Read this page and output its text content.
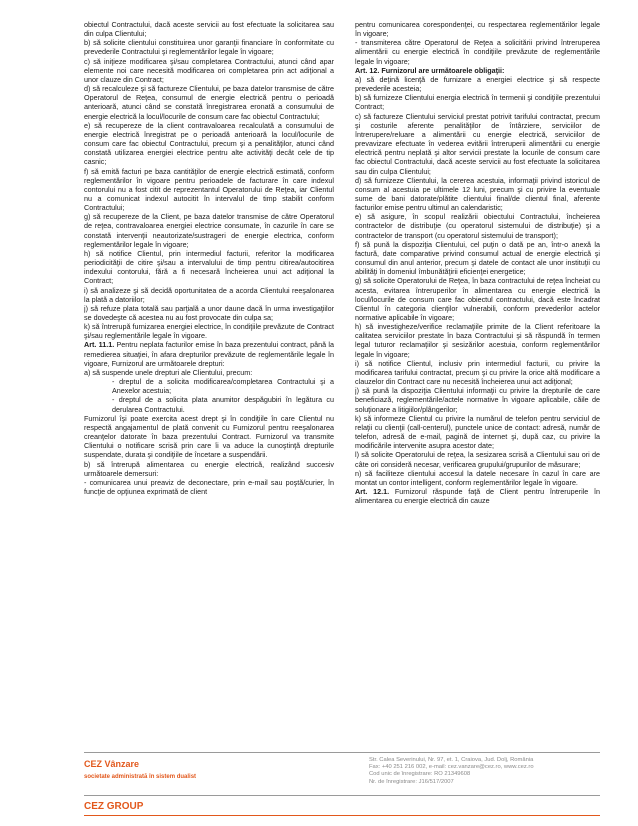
obiectul Contractului, dacă aceste servicii au fost efectuate la solicitarea sau din culpa Clientului;

b) să solicite clientului constituirea unor garanţii financiare în conformitate cu prevederile Contractului şi reglementărilor legale în vigoare;

c) să iniţieze modificarea şi/sau completarea Contractului, atunci când apar elemente noi care necesită modificarea ori completarea prin act adiţional a unor clauze din Contract;

d) să recalculeze şi să factureze Clientului, pe baza datelor transmise de către Operatorul de Reţea, consumul de energie electrică pentru o perioadă anterioară, atunci când se constată înregistrarea eronată a consumului de energie electrică la locul/locurile de consum care fac obiectul Contractului;

e) să recupereze de la client contravaloarea recalculată a consumului de energie electrică înregistrat pe o perioadă anterioară la locul/locurile de consum care fac obiectul Contractului, precum şi a penalităţilor, atunci când constată utilizarea energiei electrice pentru alte activităţi decât cele de tip casnic;

f) să emită facturi pe baza cantităţilor de energie electrică estimată, conform reglementărilor în vigoare pentru perioadele de facturare în care indexul contorului nu a fost citit de reprezentantul Operatorului de Reţea, iar Clientul nu a comunicat indexul autocitit în intervalul de timp stabilit conform Contractului;

g) să recupereze de la Client, pe baza datelor transmise de către Operatorul de reţea, contravaloarea energiei electrice consumate, în cazurile în care se constată intervenţii neautorizate/sustrageri de energie electrica, conform reglementărilor legale în vigoare;

h) să notifice Clientul, prin intermediul facturii, referitor la modificarea periodicităţii de citire şi/sau a intervalului de timp pentru citirea/autocitirea indexului contorului, fără a fi necesară încheierea unui act adiţional la Contract;

i) să analizeze şi să decidă oportunitatea de a acorda Clientului reeşalonarea la plată a datoriilor;

j) să refuze plata totală sau parţială a unor daune dacă în urma investigaţiilor se dovedeşte că acestea nu au fost provocate din culpa sa;

k) să întrerupă furnizarea energiei electrice, în condiţiile prevăzute de Contract şi/sau reglementările legale în vigoare.

Art. 11.1. Pentru neplata facturilor emise în baza prezentului contract, până la remedierea situaţiei, în afara drepturilor prevăzute de reglementările legale în vigoare, Furnizorul are următoarele drepturi:

a) să suspende unele drepturi ale Clientului, precum:

- dreptul de a solicita modificarea/completarea Contractului şi a Anexelor acestuia;

- dreptul de a solicita plata anumitor despăgubiri în legătura cu derularea Contractului.

Furnizorul îşi poate exercita acest drept şi în condiţiile în care Clientul nu respectă angajamentul de plată convenit cu Furnizorul pentru reeşalonarea creanţelor datorate în baza prezentului Contract. Furnizorul va transmite Clientului o notificare scrisă prin care îi va aduce la cunoştinţă drepturile suspendate, durata şi condiţiile de încetare a suspendării.

b) să întrerupă alimentarea cu energie electrică, realizând succesiv următoarele demersuri:

- comunicarea unui preaviz de deconectare, prin e-mail sau poştă/curier, în funcţie de opţiunea exprimată de client

pentru comunicarea corespondenţei, cu respectarea reglementărilor legale în vigoare;

- transmiterea către Operatorul de Reţea a solicitării privind întreruperea alimentării cu energie electrică în condiţiile prevăzute de reglementările legale în vigoare;

Art. 12. Furnizorul are următoarele obligaţii:

a) să deţină licenţă de furnizare a energiei electrice şi să respecte prevederile acesteia;

b) să furnizeze Clientului energia electrică în termenii şi condiţiile prezentului Contract;

c) să factureze Clientului serviciul prestat potrivit tarifului contractat, precum şi costurile aferente penalităţilor de întârziere, serviciilor de întrerupere/reluare a alimentării cu energie electrică, serviciilor de prevavizare efectuate în vederea evitării întreruperii alimentării cu energie electrică pentru neplată şi altor servicii prestate la locurile de consum care fac obiectul Contractului, dacă aceste servicii au fost efectuate la solicitarea sau din culpa Clientului;

d) să furnizeze Clientului, la cererea acestuia, informaţii privind istoricul de consum al acestuia pe ultimele 12 luni, precum şi cu privire la eventuale sume de bani datorate/plătite clientului final/de clientul final, aferente facturilor emise pentru ultimul an calendaristic;

e) să asigure, în scopul realizării obiectului Contractului, încheierea contractelor de distribuţie (cu operatorul sistemului de distribuţie) şi a contractelor de transport (cu operatorul sistemului de transport);

f) să pună la dispoziţia Clientului, cel puţin o dată pe an, într-o anexă la factură, date comparative privind consumul actual de energie electrică şi consumul din anul anterior, precum şi datele de contact ale unor instituţii cu abilităţi în domeniul îmbunătăţirii eficienţei energetice;

g) să solicite Operatorului de Reţea, în baza contractului de reţea încheiat cu acesta, evitarea întreruperilor în alimentarea cu energie electrică la locul/locurile de consum care fac obiectul contractului, dacă este încadrat Clientul în categoria clienţilor vulnerabili, conform prevederilor actelor normative aplicabile în vigoare;

h) să investigheze/verifice reclamaţiile primite de la Client referitoare la calitatea serviciilor prestate în baza Contractului şi să răspundă în termen legal tuturor reclamaţiilor şi sesizărilor acestuia, conform reglementărilor legale în vigoare;

i) să notifice Clientul, inclusiv prin intermediul facturii, cu privire la modificarea tarifului contractat, precum şi cu privire la orice altă modificare a clauzelor din Contract care nu necesită încheierea unui act adiţional;

j) să pună la dispoziţia Clientului informaţii cu privire la drepturile de care beneficiază, reglementările/actele normative în vigoare aplicabile, căile de soluţionare a litigiilor/plângerilor;

k) să informeze Clientul cu privire la numărul de telefon pentru serviciul de relaţii cu clienţii (call-centerul), punctele unice de contact: adresă, număr de telefon, adresă de e-mail, pagină de internet şi, după caz, cu privire la modificările intervenite asupra acestor date;

l) să solicite Operatorului de reţea, la sesizarea scrisă a Clientului sau ori de câte ori consideră necesar, verificarea grupului/grupurilor de măsurare;

n) să faciliteze clientului accesul la datele necesare în cazul în care are montat un contor intelligent, conform reglementărilor legale în vigoare.

Art. 12.1. Furnizorul răspunde faţă de Client pentru întreruperile în alimentarea cu energie electrică din cauze

CEZ Vânzare
societate administrată în sistem dualist
Str. Calea Severinului, Nr. 97, et. 1, Craiova, Jud. Dolj, România
Fax: +40 251 216 002, e-mail: cez.vanzare@cez.ro, www.cez.ro
Cod unic de înregistrare: RO 21349608
Nr. de înregistrare: J16/517/2007
CEZ GROUP
